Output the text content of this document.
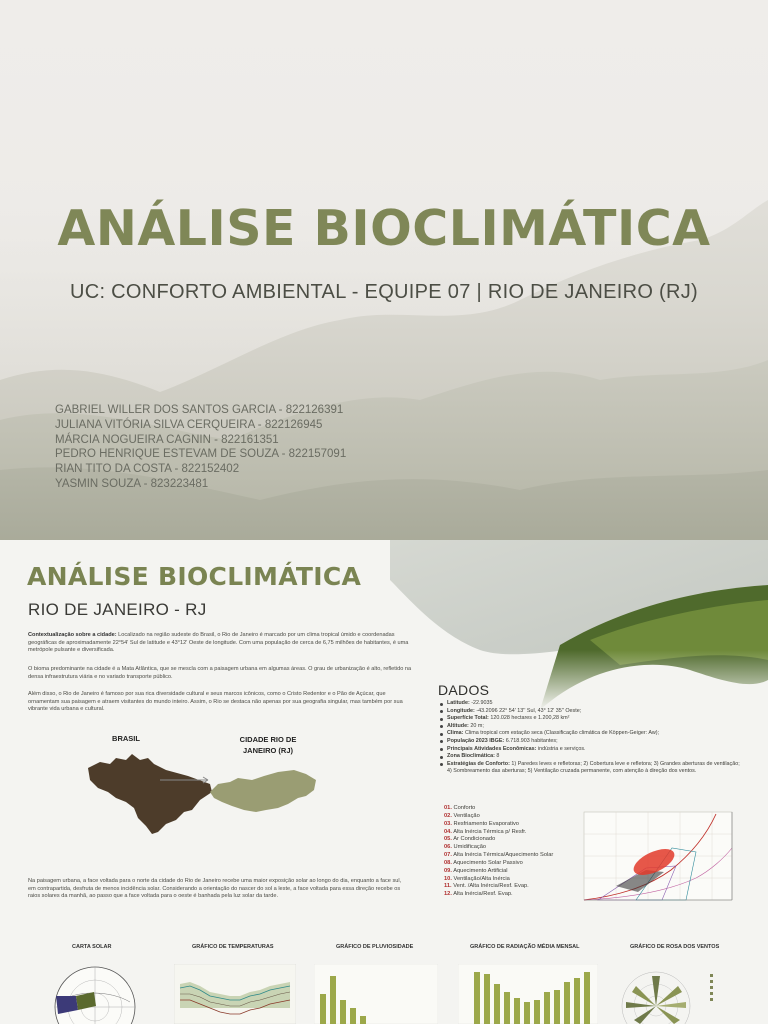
ANÁLISE BIOCLIMÁTICA
UC: CONFORTO AMBIENTAL - EQUIPE 07 | RIO DE JANEIRO (RJ)
GABRIEL WILLER DOS SANTOS GARCIA - 822126391
JULIANA VITÓRIA SILVA CERQUEIRA - 822126945
MÁRCIA NOGUEIRA CAGNIN - 822161351
PEDRO HENRIQUE ESTEVAM DE SOUZA - 822157091
RIAN TITO DA COSTA - 822152402
YASMIN SOUZA - 823223481
ANÁLISE BIOCLIMÁTICA
RIO DE JANEIRO - RJ
Contextualização sobre a cidade: Localizado na região sudeste do Brasil, o Rio de Janeiro é marcado por um clima tropical úmido e coordenadas geográficas de aproximadamente 22°54' Sul de latitude e 43°12' Oeste de longitude. Com uma população de cerca de 6,75 milhões de habitantes, é uma metrópole pulsante e diversificada.
O bioma predominante na cidade é a Mata Atlântica, que se mescla com a paisagem urbana em algumas áreas. O grau de urbanização é alto, refletido na densa infraestrutura viária e no variado transporte público.
Além disso, o Rio de Janeiro é famoso por sua rica diversidade cultural e seus marcos icônicos, como o Cristo Redentor e o Pão de Açúcar, que ornamentam sua paisagem e atraem visitantes do mundo inteiro. Assim, o Rio se destaca não apenas por sua geografia singular, mas também por sua vibrante vida urbana e cultural.
BRASIL	CIDADE RIO DE JANEIRO (RJ)
Na paisagem urbana, a face voltada para o norte da cidade do Rio de Janeiro recebe uma maior exposição solar ao longo do dia, enquanto a face sul, em contrapartida, desfruta de menos incidência solar. Considerando a orientação do nascer do sol a leste, a face voltada para essa direção recebe os raios solares da manhã, ao passo que a face voltada para o oeste é banhada pela luz solar da tarde.
DADOS
Latitude: -22.9035
Longitude: -43.2096 22° 54' 13'' Sul, 43° 12' 35'' Oeste;
Superfície Total: 120.028 hectares e 1.200,28 km²
Altitude: 20 m;
Clima: Clima tropical com estação seca (Classificação climática de Köppen-Geiger: Aw);
População 2023 IBGE: 6.718.903 habitantes;
Principais Atividades Econômicas: indústria e serviços.
Zona Bioclimática: 8
Estratégias de Conforto: 1) Paredes leves e refletoras; 2) Cobertura leve e refletora; 3) Grandes aberturas de ventilação; 4) Sombreamento das aberturas; 5) Ventilação cruzada permanente, com atenção à direção dos ventos.
01. Conforto
02. Ventilação
03. Resfriamento Evaporativo
04. Alta Inércia Térmica p/ Resfr.
05. Ar Condicionado
06. Umidificação
07. Alta Inércia Térmica/Aquecimento Solar
08. Aquecimento Solar Passivo
09. Aquecimento Artificial
10. Ventilação/Alta Inércia
11. Vent. /Alta Inércia/Resf. Evap.
12. Alta Inércia/Resf. Evap.
CARTA SOLAR	GRÁFICO DE TEMPERATURAS	GRÁFICO DE PLUVIOSIDADE	GRÁFICO DE RADIAÇÃO MÉDIA MENSAL	GRÁFICO DE ROSA DOS VENTOS
